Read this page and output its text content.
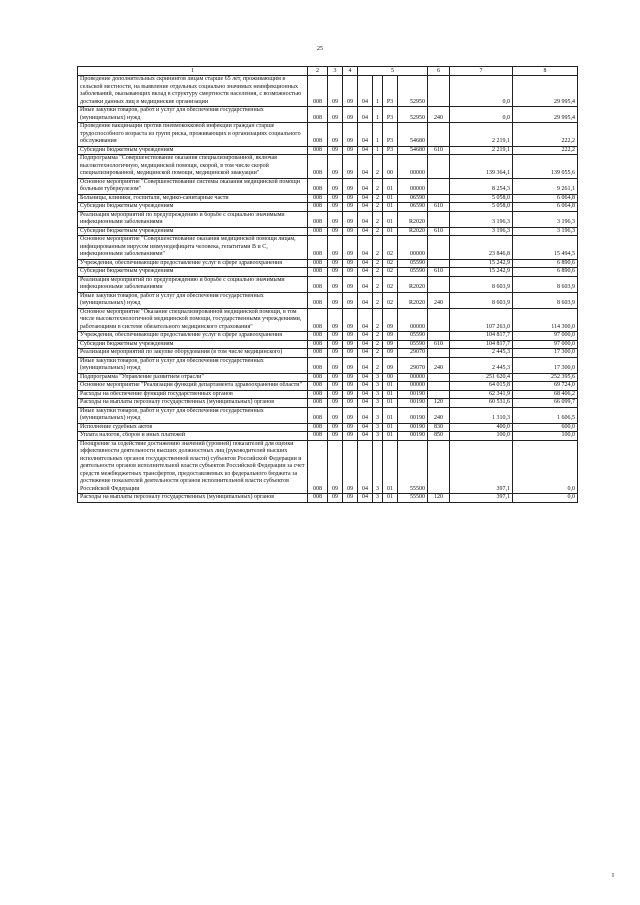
25
1	2	3	4	5				6	7	8
Проведение дополнительных скринингов лицам старше 65 лет, проживающим в сельской местности, на выявление отдельных социально значимых неинфекционных заболеваний, оказывающих вклад в структуру смертности населения, с возможностью доставки данных лиц в медицинские организации	008	09	09	04	1	Р3	52950		0,0	29 995,4
Иные закупки товаров, работ и услуг для обеспечения государственных (муниципальных) нужд	008	09	09	04	1	Р3	52950	240	0,0	29 995,4
Проведение вакцинации против пневмококковой инфекции граждан старше трудоспособного возраста из групп риска, проживающих в организациях социального обслуживания	008	09	09	04	1	Р3	54680		2 219,1	222,2
Субсидии бюджетным учреждениям	008	09	09	04	1	Р3	54680	610	2 219,1	222,2
Подпрограмма "Совершенствование оказания специализированной, включая высокотехнологичную, медицинской помощи, скорой, в том числе скорой специализированной, медицинской помощи, медицинской эвакуации"	008	09	09	04	2	00	00000		139 364,1	139 055,6
Основное мероприятие "Совершенствование системы оказания медицинской помощи больным туберкулезом"	008	09	09	04	2	01	00000		8 254,3	9 261,1
Больницы, клиники, госпитали, медико-санитарные части	008	09	09	04	2	01	06590		5 058,0	6 064,8
Субсидии бюджетным учреждениям	008	09	09	04	2	01	06590	610	5 058,0	6 064,8
Реализация мероприятий по предупреждению и борьбе с социально значимыми инфекционными заболеваниями	008	09	09	04	2	01	R2020		3 196,3	3 196,3
Субсидии бюджетным учреждениям	008	09	09	04	2	01	R2020	610	3 196,3	3 196,3
Основное мероприятие "Совершенствование оказания медицинской помощи лицам, инфицированным вирусом иммунодефицита человека, гепатитами В и С, инфекционными заболеваниями"	008	09	09	04	2	02	00000		23 846,8	15 494,5
Учреждения, обеспечивающие предоставление услуг в сфере здравоохранения	008	09	09	04	2	02	05590		15 242,9	6 890,6
Субсидии бюджетным учреждениям	008	09	09	04	2	02	05590	610	15 242,9	6 890,6
Реализация мероприятий по предупреждению и борьбе с социально значимыми инфекционными заболеваниями	008	09	09	04	2	02	R2020		8 603,9	8 603,9
Иные закупки товаров, работ и услуг для обеспечения государственных (муниципальных) нужд	008	09	09	04	2	02	R2020	240	8 603,9	8 603,9
Основное мероприятие "Оказание специализированной медицинской помощи, в том числе высокотехнологичной медицинской помощи, государственными учреждениями, работающими в системе обязательного медицинского страхования"	008	09	09	04	2	09	00000		107 263,0	114 300,0
Учреждения, обеспечивающие предоставление услуг в сфере здравоохранения	008	09	09	04	2	09	05590		104 817,7	97 000,0
Субсидии бюджетным учреждениям	008	09	09	04	2	09	05590	610	104 817,7	97 000,0
Реализация мероприятий по закупке оборудования (в том числе медицинского)	008	09	09	04	2	09	29070		2 445,3	17 300,0
Иные закупки товаров, работ и услуг для обеспечения государственных (муниципальных) нужд	008	09	09	04	2	09	29070	240	2 445,3	17 300,0
Подпрограмма "Управление развитием отрасли"	008	09	09	04	3	00	00000		251 620,4	252 395,6
Основное мероприятие "Реализация функций департамента здравоохранения области"	008	09	09	04	3	01	00000		64 015,8	69 724,0
Расходы на обеспечение функций государственных органов	008	09	09	04	3	01	00190		62 341,9	68 406,2
Расходы на выплаты персоналу государственных (муниципальных) органов	008	09	09	04	3	01	00190	120	60 531,6	66 099,7
Иные закупки товаров, работ и услуг для обеспечения государственных (муниципальных) нужд	008	09	09	04	3	01	00190	240	1 310,3	1 606,5
Исполнение судебных актов	008	09	09	04	3	01	00190	830	400,0	600,0
Уплата налогов, сборов и иных платежей	008	09	09	04	3	01	00190	850	100,0	100,0
Поощрение за содействие достижению значений (уровней) показателей для оценки эффективности деятельности высших должностных лиц (руководителей высших исполнительных органов государственной власти) субъектов Российской Федерации и деятельности органов исполнительной власти субъектов Российской Федерации за счет средств межбюджетных трансфертов, предоставляемых из федерального бюджета за достижение показателей деятельности органов исполнительной власти субъектов Российской Федерации	008	09	09	04	3	01	55500		397,1	0,0
Расходы на выплаты персоналу государственных (муниципальных) органов	008	09	09	04	3	01	55500	120	397,1	0,0
I
